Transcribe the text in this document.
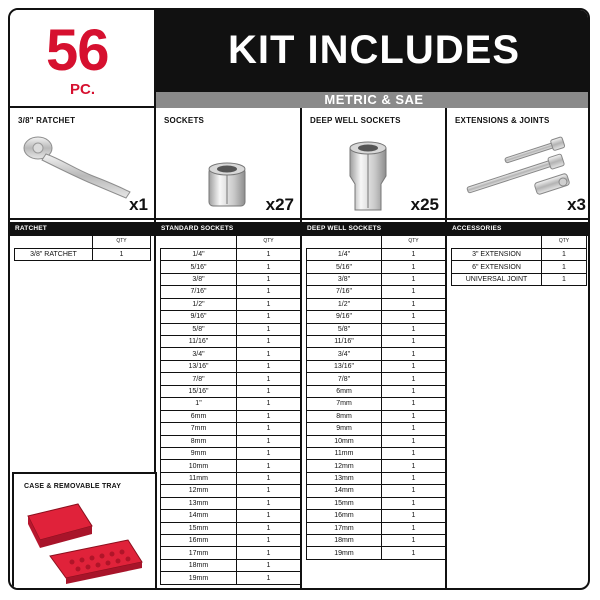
56
PC.
KIT INCLUDES
METRIC & SAE
3/8" RATCHET
x1
SOCKETS
x27
DEEP WELL SOCKETS
x25
EXTENSIONS & JOINTS
x3
RATCHET	STANDARD SOCKETS	DEEP WELL SOCKETS	ACCESSORIES
	QTY
3/8" RATCHET	1
	QTY
1/4"	1
5/16"	1
3/8"	1
7/16"	1
1/2"	1
9/16"	1
5/8"	1
11/16"	1
3/4"	1
13/16"	1
7/8"	1
15/16"	1
1"	1
6mm	1
7mm	1
8mm	1
9mm	1
10mm	1
11mm	1
12mm	1
13mm	1
14mm	1
15mm	1
16mm	1
17mm	1
18mm	1
19mm	1
	QTY
1/4"	1
5/16"	1
3/8"	1
7/16"	1
1/2"	1
9/16"	1
5/8"	1
11/16"	1
3/4"	1
13/16"	1
7/8"	1
6mm	1
7mm	1
8mm	1
9mm	1
10mm	1
11mm	1
12mm	1
13mm	1
14mm	1
15mm	1
16mm	1
17mm	1
18mm	1
19mm	1
	QTY
3" EXTENSION	1
6" EXTENSION	1
UNIVERSAL JOINT	1
CASE & REMOVABLE TRAY
